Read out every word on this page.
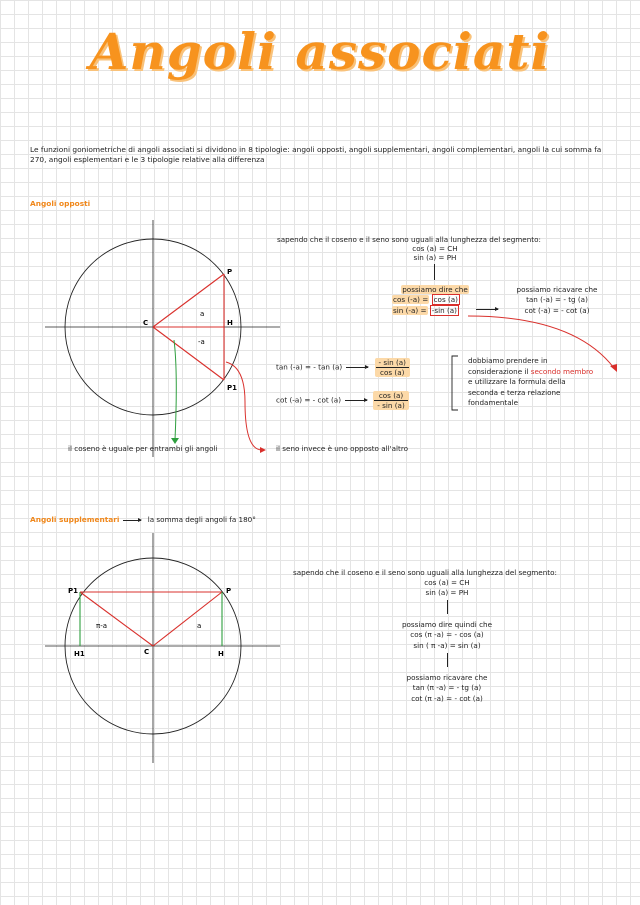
Angoli associati
Le funzioni goniometriche di angoli associati si dividono in 8 tipologie: angoli opposti, angoli supplementari, angoli complementari, angoli la cui somma fa 270, angoli esplementari e le 3 tipologie relative alla differenza
Angoli opposti
C	H
P
P1
a
-a
il coseno è uguale per entrambi gli angoli	il seno invece è uno opposto all'altro
sapendo che il coseno e il seno sono uguali alla lunghezza del segmento:
cos (a) = CH
sin (a) = PH
possiamo dire che
cos (-a) = cos (a)
sin (-a) = -sin (a)
possiamo ricavare che
tan (-a) = - tg (a)
cot (-a) = - cot (a)
tan (-a) = - tan (a)	$\frac{- \sin (a)}{\cos (a)}$
cot (-a) = - cot (a)	$\frac{\cos (a)}{- \sin (a)}$
dobbiamo prendere in
considerazione il secondo membro
e utilizzare la formula della
seconda e terza relazione
fondamentale
Angoli supplementari	la somma degli angoli fa 180°
P1	P
C	H
H1
π-a	a
sapendo che il coseno e il seno sono uguali alla lunghezza del segmento:
cos (a) = CH
sin (a) = PH
possiamo dire quindi che
cos (π -a) = - cos (a)
sin ( π -a) = sin (a)
possiamo ricavare che
tan (π -a) = - tg (a)
cot (π -a) = - cot (a)
